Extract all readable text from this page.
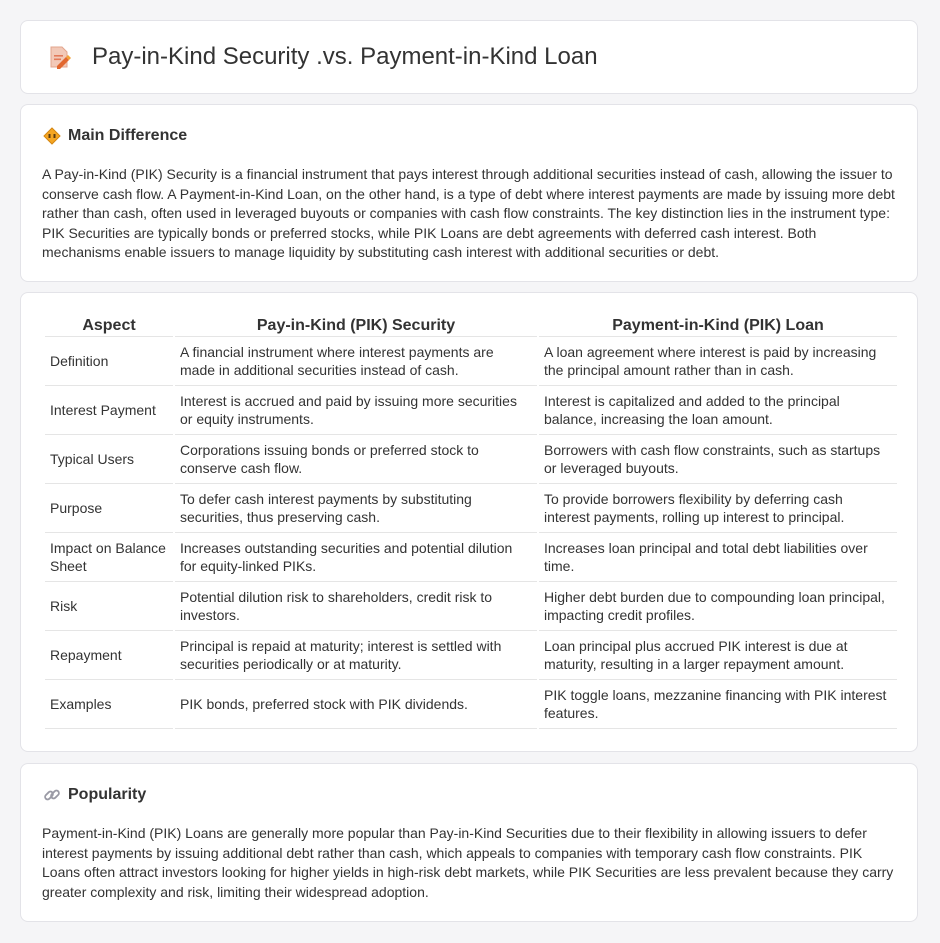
Pay-in-Kind Security .vs. Payment-in-Kind Loan
Main Difference

A Pay-in-Kind (PIK) Security is a financial instrument that pays interest through additional securities instead of cash, allowing the issuer to conserve cash flow. A Payment-in-Kind Loan, on the other hand, is a type of debt where interest payments are made by issuing more debt rather than cash, often used in leveraged buyouts or companies with cash flow constraints. The key distinction lies in the instrument type: PIK Securities are typically bonds or preferred stocks, while PIK Loans are debt agreements with deferred cash interest. Both mechanisms enable issuers to manage liquidity by substituting cash interest with additional securities or debt.

Aspect	Pay-in-Kind (PIK) Security	Payment-in-Kind (PIK) Loan
Definition	A financial instrument where interest payments are made in additional securities instead of cash.	A loan agreement where interest is paid by increasing the principal amount rather than in cash.
Interest Payment	Interest is accrued and paid by issuing more securities or equity instruments.	Interest is capitalized and added to the principal balance, increasing the loan amount.
Typical Users	Corporations issuing bonds or preferred stock to conserve cash flow.	Borrowers with cash flow constraints, such as startups or leveraged buyouts.
Purpose	To defer cash interest payments by substituting securities, thus preserving cash.	To provide borrowers flexibility by deferring cash interest payments, rolling up interest to principal.
Impact on Balance Sheet	Increases outstanding securities and potential dilution for equity-linked PIKs.	Increases loan principal and total debt liabilities over time.
Risk	Potential dilution risk to shareholders, credit risk to investors.	Higher debt burden due to compounding loan principal, impacting credit profiles.
Repayment	Principal is repaid at maturity; interest is settled with securities periodically or at maturity.	Loan principal plus accrued PIK interest is due at maturity, resulting in a larger repayment amount.
Examples	PIK bonds, preferred stock with PIK dividends.	PIK toggle loans, mezzanine financing with PIK interest features.
Popularity

Payment-in-Kind (PIK) Loans are generally more popular than Pay-in-Kind Securities due to their flexibility in allowing issuers to defer interest payments by issuing additional debt rather than cash, which appeals to companies with temporary cash flow constraints. PIK Loans often attract investors looking for higher yields in high-risk debt markets, while PIK Securities are less prevalent because they carry greater complexity and risk, limiting their widespread adoption.
